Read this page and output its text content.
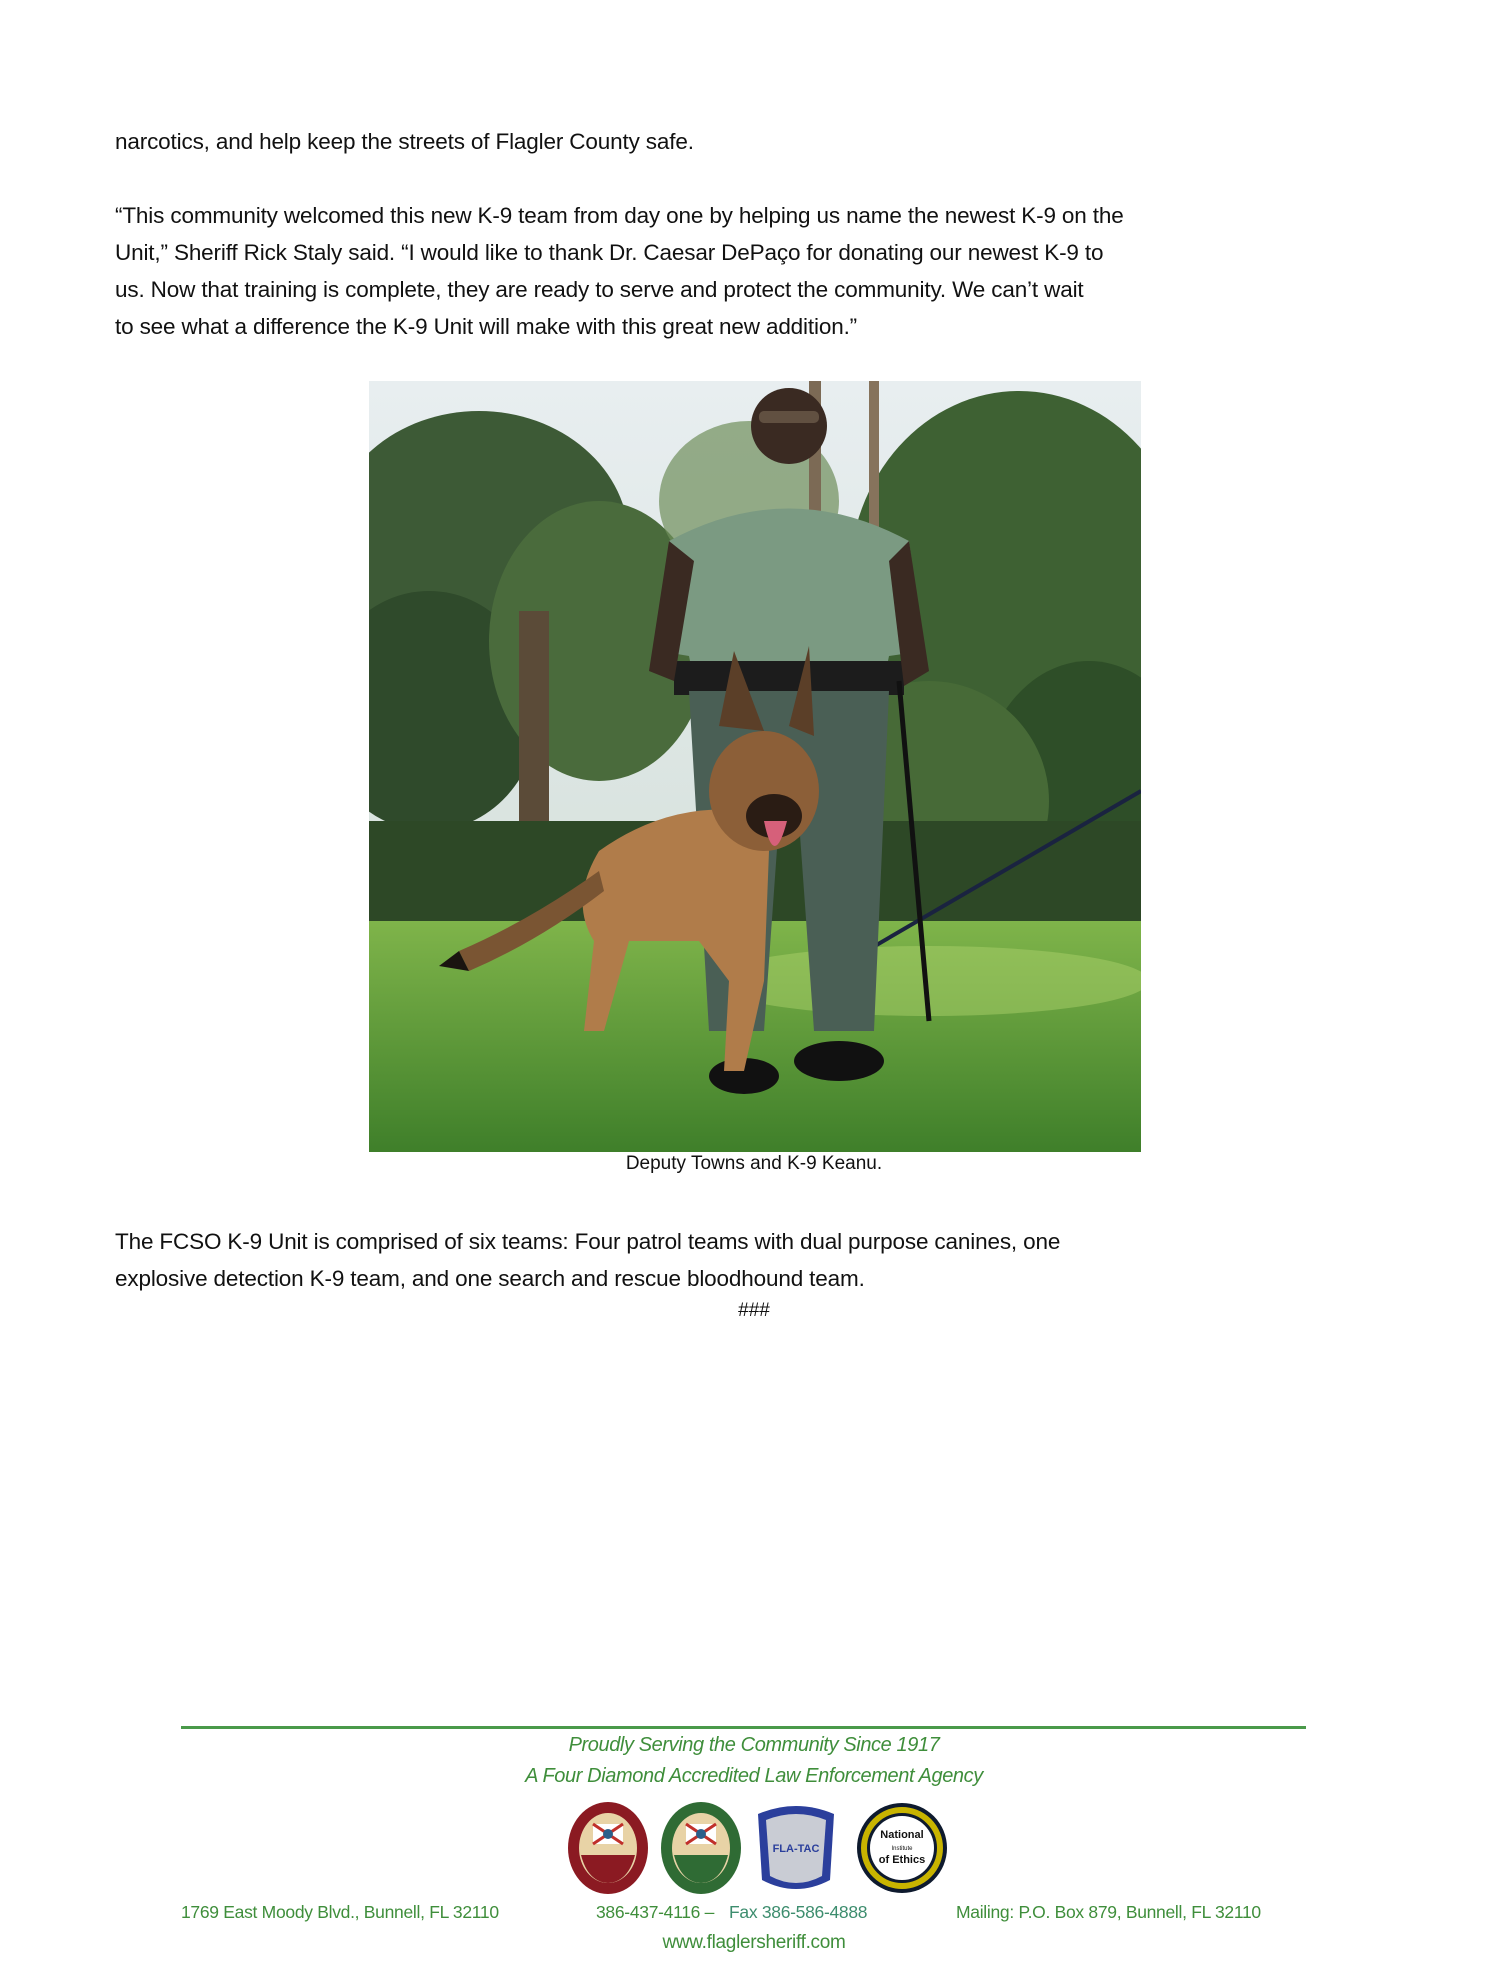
narcotics, and help keep the streets of Flagler County safe.
“This community welcomed this new K-9 team from day one by helping us name the newest K-9 on the
Unit,” Sheriff Rick Staly said. “I would like to thank Dr. Caesar DePaço for donating our newest K-9 to
us. Now that training is complete, they are ready to serve and protect the community. We can’t wait
to see what a difference the K-9 Unit will make with this great new addition.”
Deputy Towns and K-9 Keanu.
The FCSO K-9 Unit is comprised of six teams: Four patrol teams with dual purpose canines, one
explosive detection K-9 team, and one search and rescue bloodhound team.
###
Proudly Serving the Community Since 1917
A Four Diamond Accredited Law Enforcement Agency
FLA-TAC
National
Institute
of Ethics
1769 East Moody Blvd., Bunnell, FL 32110	386-437-4116 – Fax 386-586-4888	Mailing: P.O. Box 879, Bunnell, FL 32110
www.flaglersheriff.com
